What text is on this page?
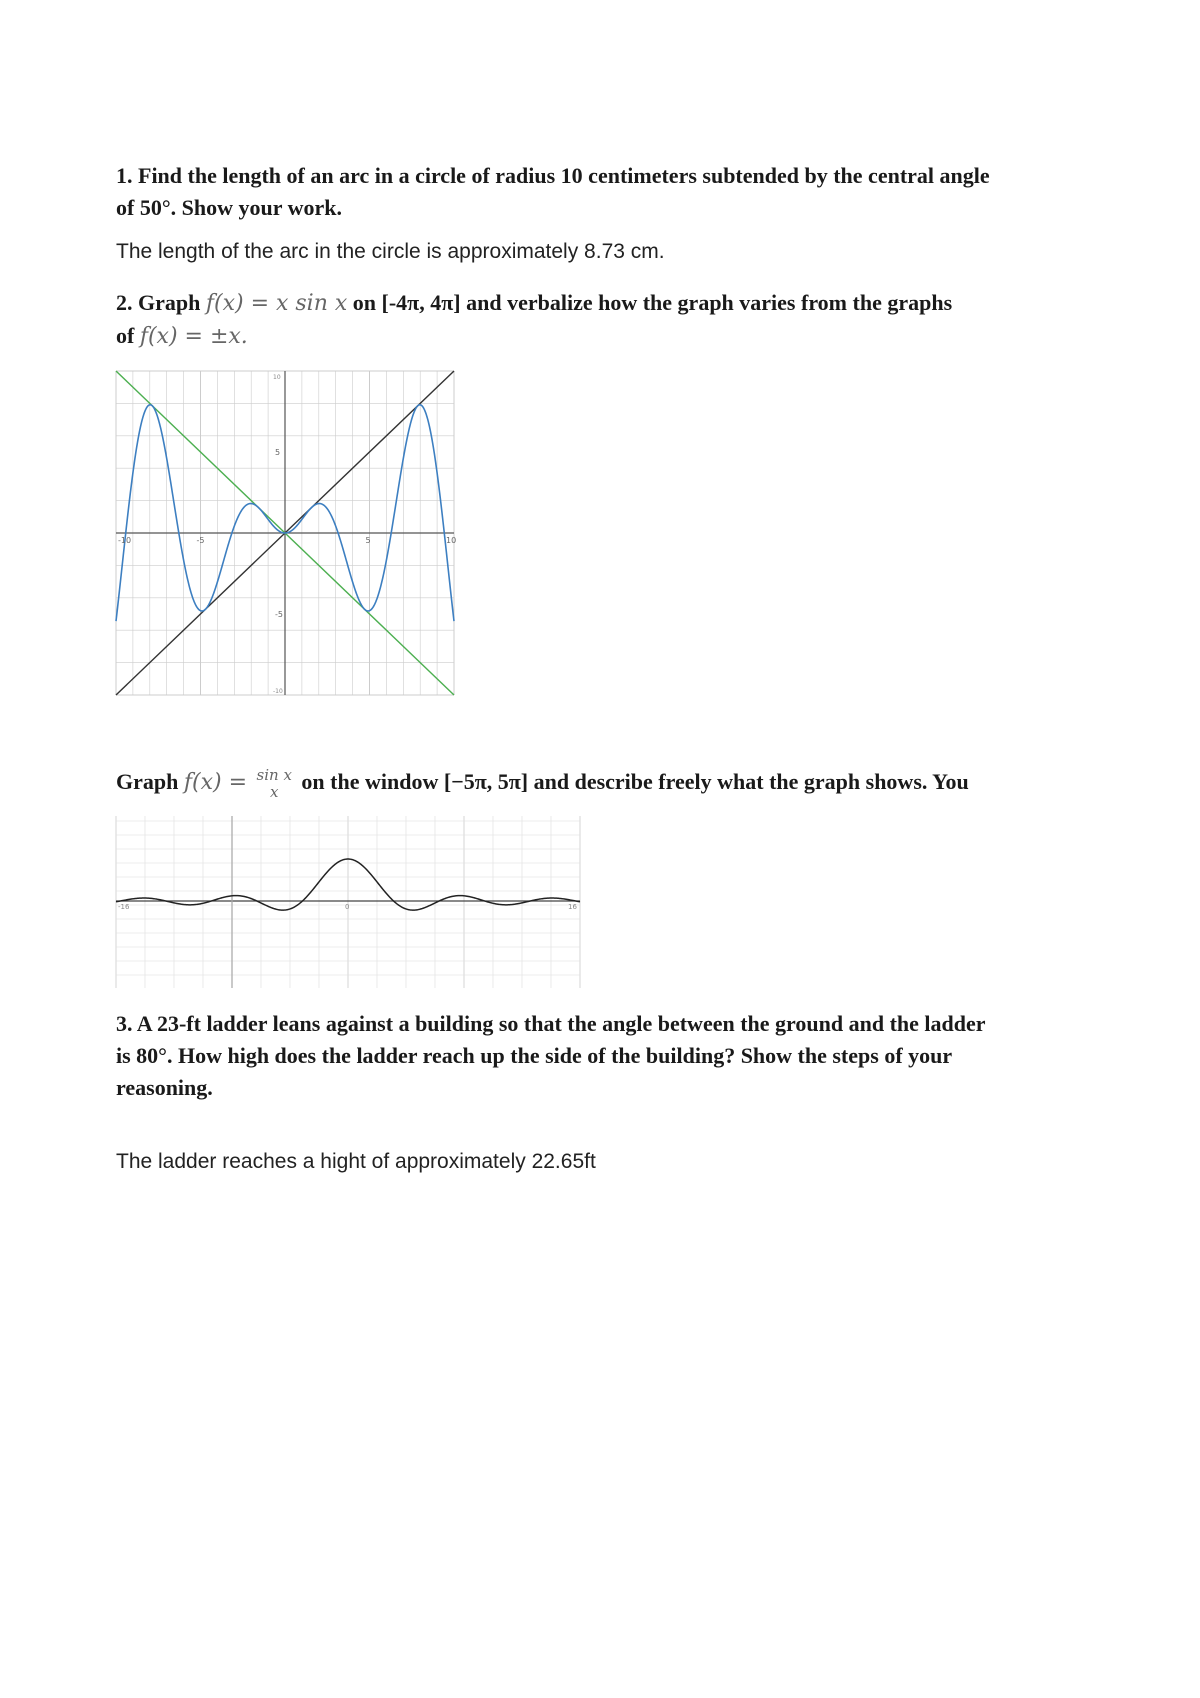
1. Find the length of an arc in a circle of radius 10 centimeters subtended by the central angle
of 50°. Show your work.
The length of the arc in the circle is approximately 8.73 cm.
2. Graph f(x) = x sin x on [-4π, 4π] and verbalize how the graph varies from the graphs
of f(x) = ±x.
-10	-5	5	10
5
-5
10
-10
Graph f(x) = sin x
x	on the window [−5π, 5π] and describe freely what the graph shows. You
-16	0	16
3. A 23-ft ladder leans against a building so that the angle between the ground and the ladder
is 80°. How high does the ladder reach up the side of the building? Show the steps of your
reasoning.
The ladder reaches a hight of approximately 22.65ft
